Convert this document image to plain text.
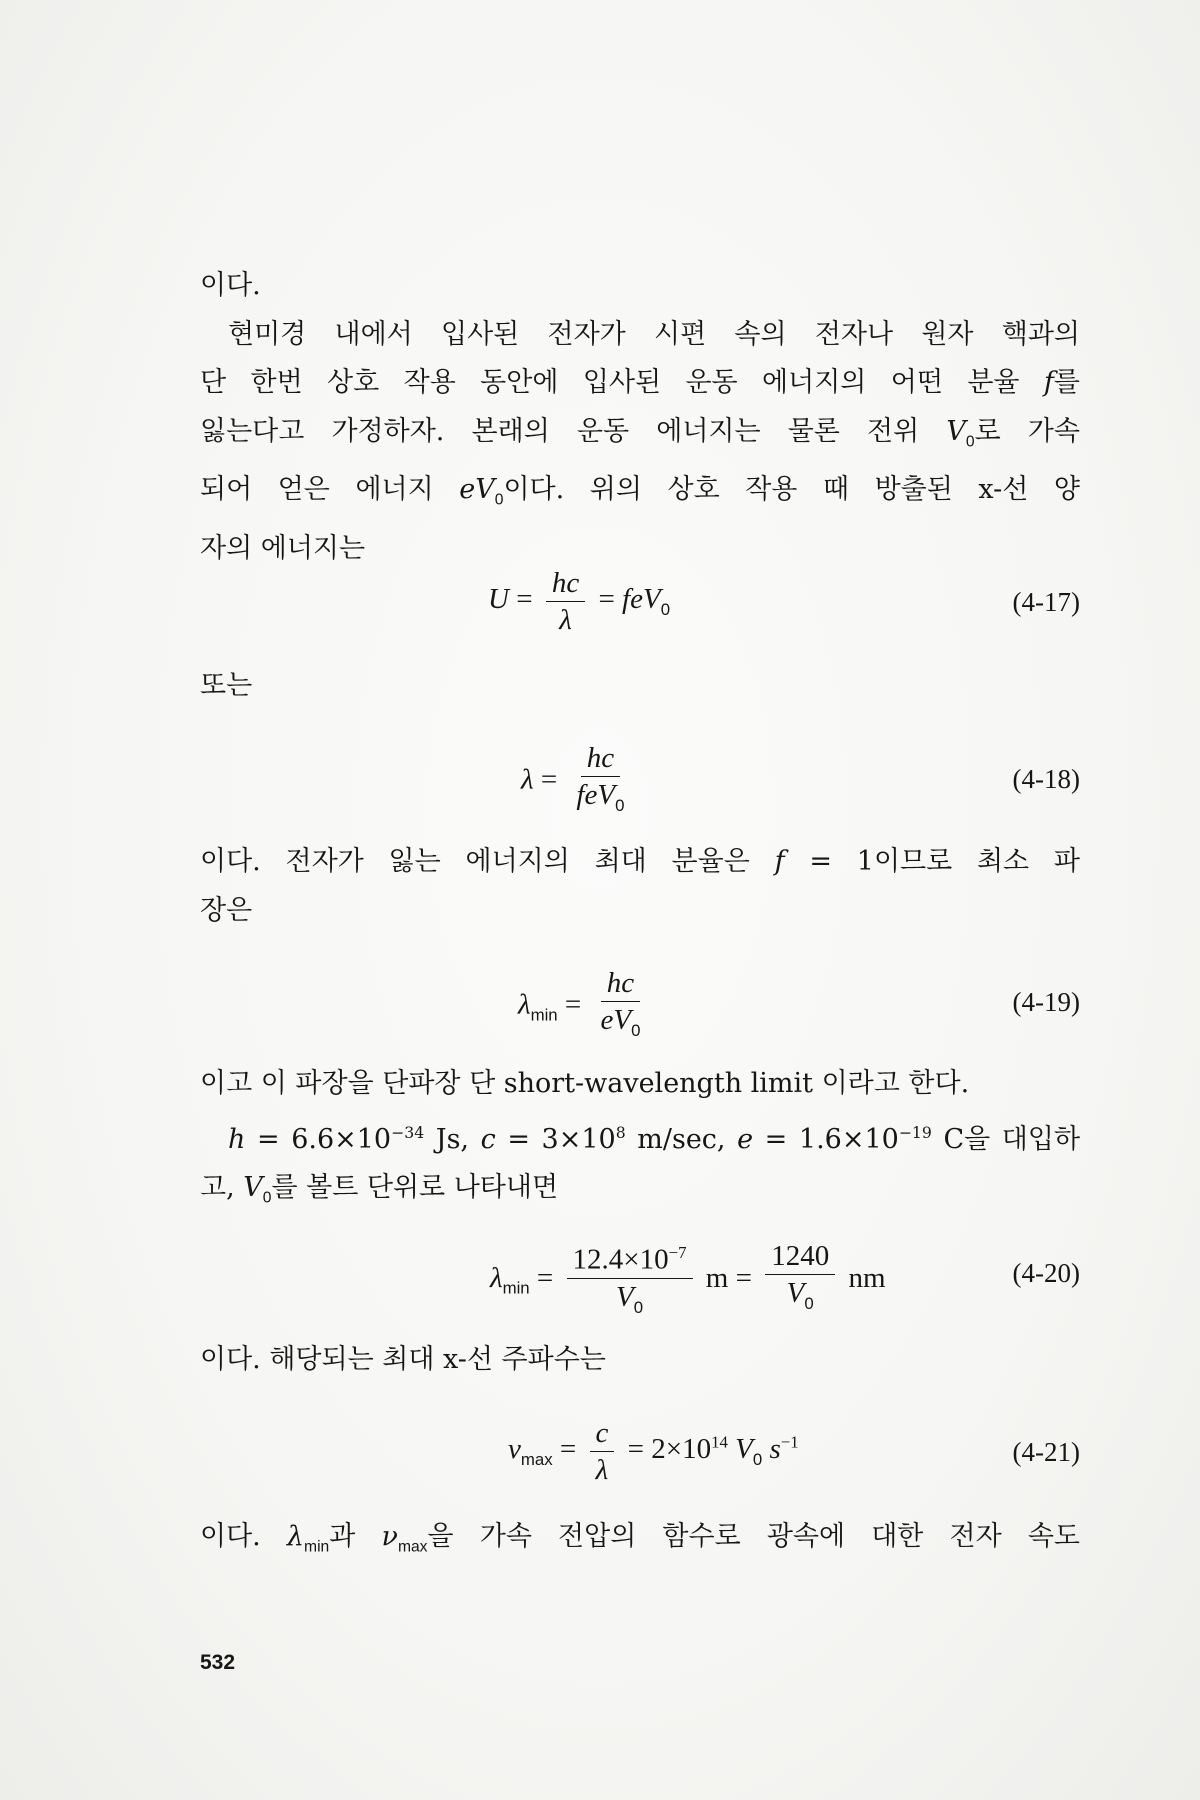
이다.
현미경 내에서 입사된 전자가 시편 속의 전자나 원자 핵과의
단 한번 상호 작용 동안에 입사된 운동 에너지의 어떤 분율 f를
잃는다고 가정하자. 본래의 운동 에너지는 물론 전위 $V_0$로 가속
되어 얻은 에너지 $eV_0$이다. 위의 상호 작용 때 방출된 x-선 양
자의 에너지는

$U = \frac{hc}{\lambda} = feV_0$	(4-17)

또는

$\lambda = \frac{hc}{feV_0}$	(4-18)

이다. 전자가 잃는 에너지의 최대 분율은 f = 1이므로 최소 파
장은

$\lambda_{min} = \frac{hc}{eV_0}$	(4-19)

이고 이 파장을 단파장 단 short-wavelength limit 이라고 한다.
$h = 6.6\times 10^{-34}$ Js, $c = 3\times 10^8$ m/sec, $e = 1.6\times 10^{-19}$ C을 대입하
고, $V_0$를 볼트 단위로 나타내면

$\lambda_{min} = \frac{12.4\times 10^{-7}}{V_0}$ $m = \frac{1240}{V_0}$ nm	(4-20)

이다. 해당되는 최대 x-선 주파수는

$\nu_{max} = \frac{c}{\lambda} = 2\times 10^{14}$ $V_0$ $s^{-1}$	(4-21)

이다. $\lambda_{min}$과 $\nu_{max}$을 가속 전압의 함수로 광속에 대한 전자 속도

532
